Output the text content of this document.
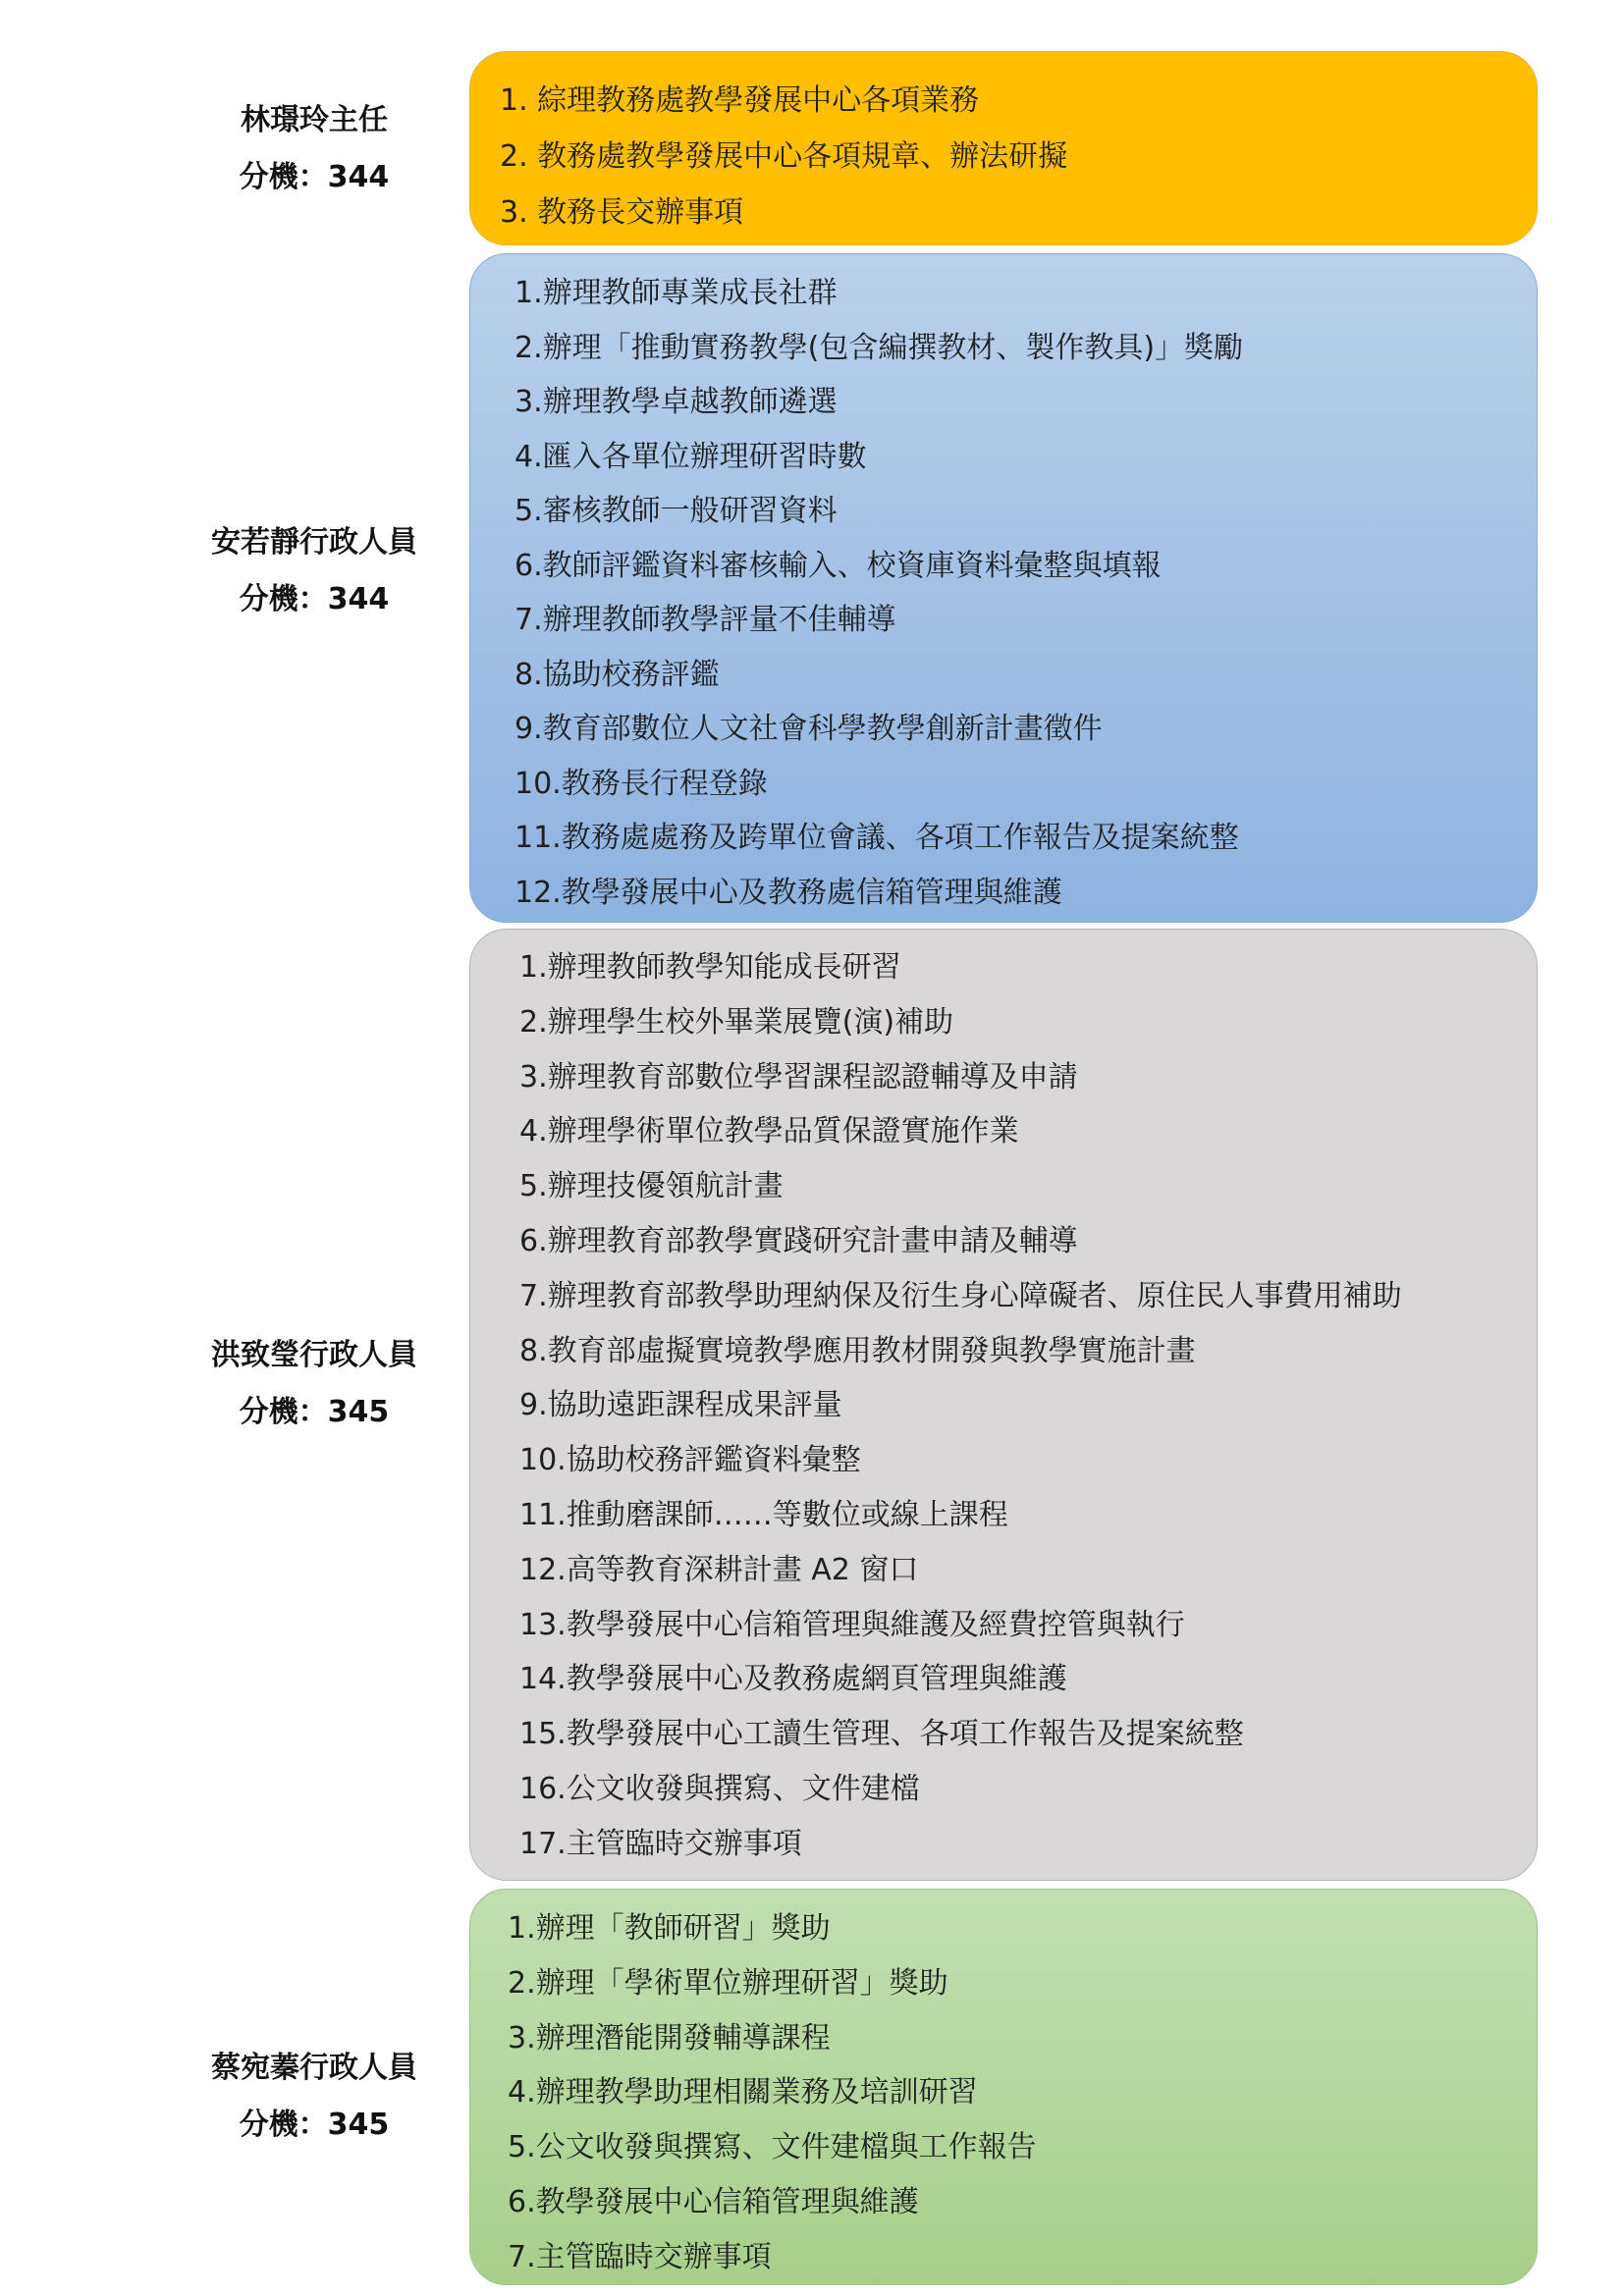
林璟玲主任
分機：344
1. 綜理教務處教學發展中心各項業務
2. 教務處教學發展中心各項規章、辦法研擬
3. 教務長交辦事項
安若靜行政人員
分機：344
1.辦理教師專業成長社群
2.辦理「推動實務教學(包含編撰教材、製作教具)」獎勵
3.辦理教學卓越教師遴選
4.匯入各單位辦理研習時數
5.審核教師一般研習資料
6.教師評鑑資料審核輸入、校資庫資料彙整與填報
7.辦理教師教學評量不佳輔導
8.協助校務評鑑
9.教育部數位人文社會科學教學創新計畫徵件
10.教務長行程登錄
11.教務處處務及跨單位會議、各項工作報告及提案統整
12.教學發展中心及教務處信箱管理與維護
洪致瑩行政人員
分機：345
1.辦理教師教學知能成長研習
2.辦理學生校外畢業展覽(演)補助
3.辦理教育部數位學習課程認證輔導及申請
4.辦理學術單位教學品質保證實施作業
5.辦理技優領航計畫
6.辦理教育部教學實踐研究計畫申請及輔導
7.辦理教育部教學助理納保及衍生身心障礙者、原住民人事費用補助
8.教育部虛擬實境教學應用教材開發與教學實施計畫
9.協助遠距課程成果評量
10.協助校務評鑑資料彙整
11.推動磨課師……等數位或線上課程
12.高等教育深耕計畫 A2 窗口
13.教學發展中心信箱管理與維護及經費控管與執行
14.教學發展中心及教務處網頁管理與維護
15.教學發展中心工讀生管理、各項工作報告及提案統整
16.公文收發與撰寫、文件建檔
17.主管臨時交辦事項
蔡宛蓁行政人員
分機：345
1.辦理「教師研習」獎助
2.辦理「學術單位辦理研習」獎助
3.辦理潛能開發輔導課程
4.辦理教學助理相關業務及培訓研習
5.公文收發與撰寫、文件建檔與工作報告
6.教學發展中心信箱管理與維護
7.主管臨時交辦事項
